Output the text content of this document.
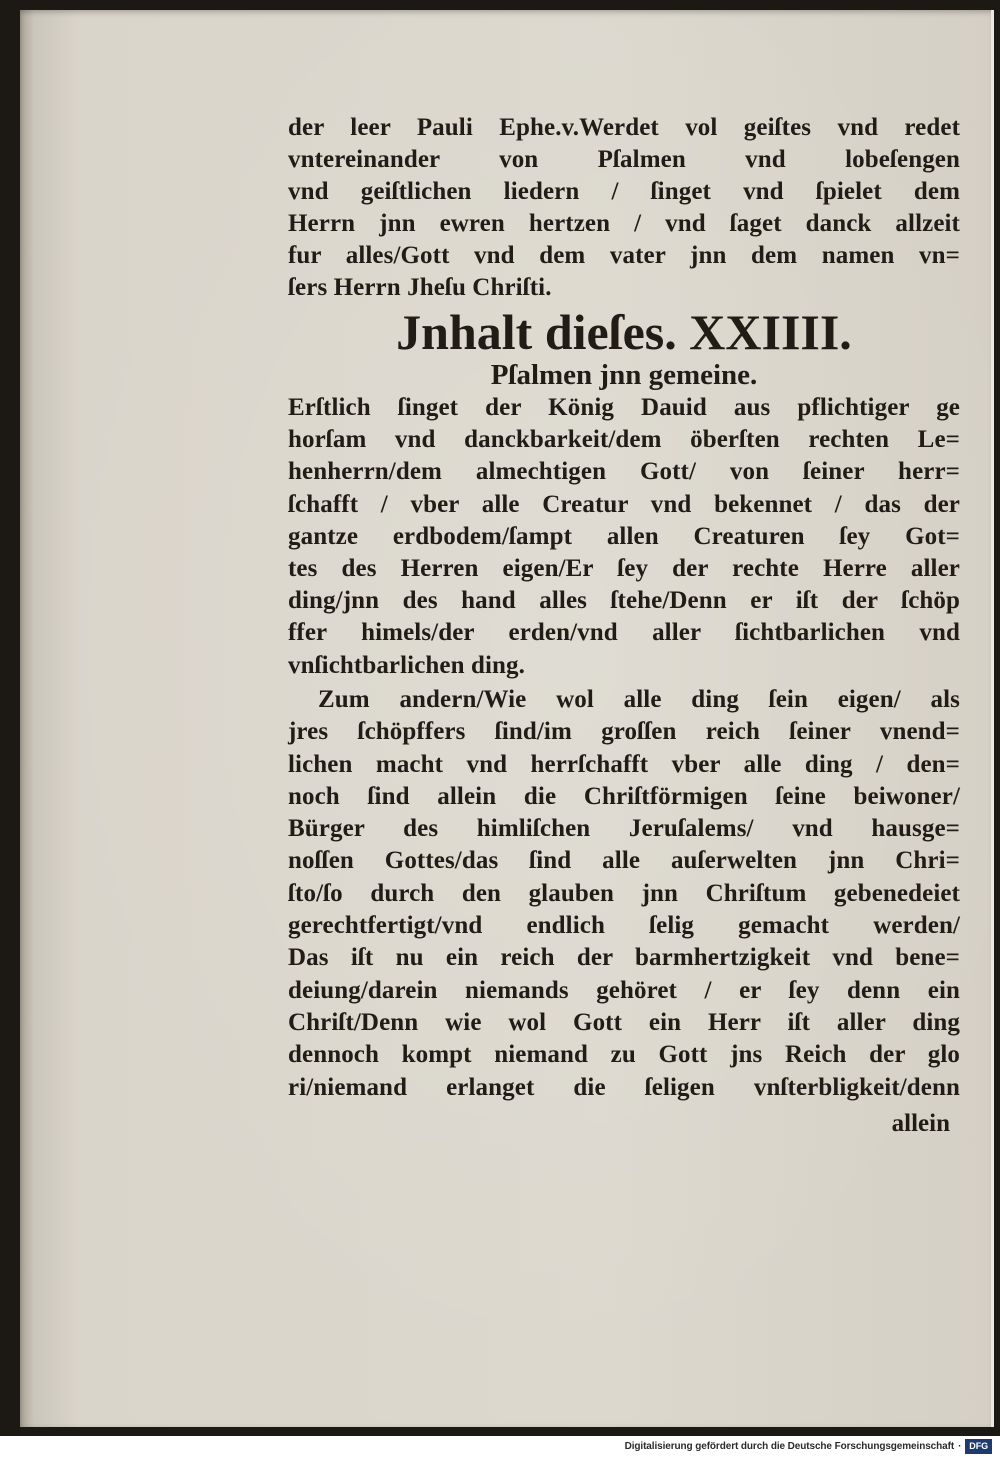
der leer Pauli Ephe.v.Werdet vol geiſtes vnd redet
vntereinander von Pſalmen vnd lobeſengen
vnd geiſtlichen liedern / ſinget vnd ſpielet dem
Herrn jnn ewren hertzen / vnd ſaget danck allzeit
fur alles/Gott vnd dem vater jnn dem namen vn=
ſers Herrn Jheſu Chriſti.
Jnhalt dieſes. XXIIII.
Pſalmen jnn gemeine.
Erſtlich ſinget der König Dauid aus pflichtiger ge
horſam vnd danckbarkeit/dem öberſten rechten Le=
henherrn/dem almechtigen Gott/ von ſeiner herr=
ſchafft / vber alle Creatur vnd bekennet / das der
gantze erdbodem/ſampt allen Creaturen ſey Got=
tes des Herren eigen/Er ſey der rechte Herre aller
ding/jnn des hand alles ſtehe/Denn er iſt der ſchöp
ffer himels/der erden/vnd aller ſichtbarlichen vnd
vnſichtbarlichen ding.
Zum andern/Wie wol alle ding ſein eigen/ als
jres ſchöpffers ſind/im groſſen reich ſeiner vnend=
lichen macht vnd herrſchafft vber alle ding / den=
noch ſind allein die Chriſtförmigen ſeine beiwoner/
Bürger des himliſchen Jeruſalems/ vnd hausge=
noſſen Gottes/das ſind alle auſerwelten jnn Chri=
ſto/ſo durch den glauben jnn Chriſtum gebenedeiet
gerechtfertigt/vnd endlich ſelig gemacht werden/
Das iſt nu ein reich der barmhertzigkeit vnd bene=
deiung/darein niemands gehöret / er ſey denn ein
Chriſt/Denn wie wol Gott ein Herr iſt aller ding
dennoch kompt niemand zu Gott jns Reich der glo
ri/niemand erlanget die ſeligen vnſterbligkeit/denn
allein
Digitalisierung gefördert durch die Deutsche Forschungsgemeinschaft · DFG
